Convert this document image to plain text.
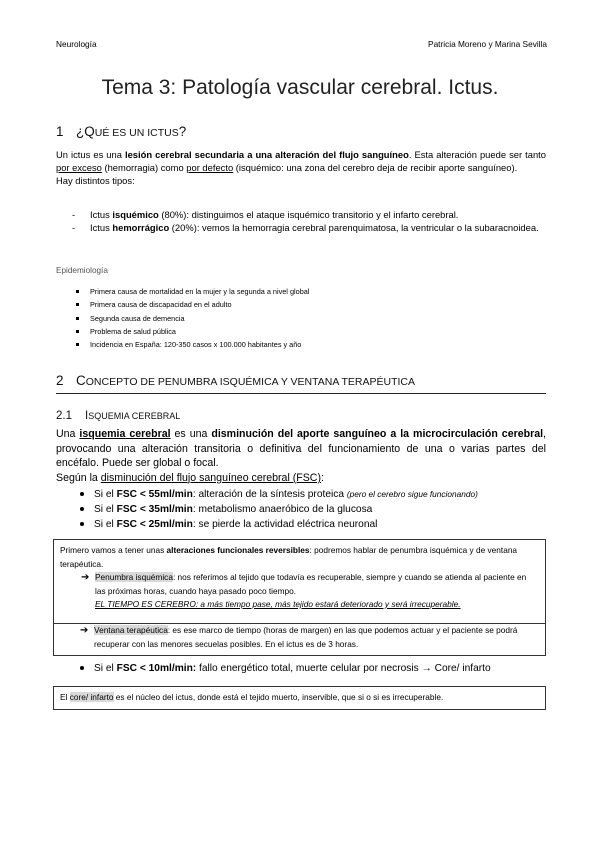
Neurología	Patricia Moreno y Marina Sevilla
Tema 3: Patología vascular cerebral. Ictus.
1 ¿QUÉ ES UN ICTUS?
Un ictus es una lesión cerebral secundaria a una alteración del flujo sanguíneo. Esta alteración puede ser tanto por exceso (hemorragia) como por defecto (isquémico: una zona del cerebro deja de recibir aporte sanguíneo).
Hay distintos tipos:
- Ictus isquémico (80%): distinguimos el ataque isquémico transitorio y el infarto cerebral.
- Ictus hemorrágico (20%): vemos la hemorragia cerebral parenquimatosa, la ventricular o la subaracnoidea.
Epidemiología
Primera causa de mortalidad en la mujer y la segunda a nivel global
Primera causa de discapacidad en el adulto
Segunda causa de demencia
Problema de salud pública
Incidencia en España: 120-350 casos x 100.000 habitantes y año
2 CONCEPTO DE PENUMBRA ISQUÉMICA Y VENTANA TERAPÉUTICA
2.1 ISQUEMIA CEREBRAL
Una isquemia cerebral es una disminución del aporte sanguíneo a la microcirculación cerebral, provocando una alteración transitoria o definitiva del funcionamiento de una o varias partes del encéfalo. Puede ser global o focal.
Según la disminución del flujo sanguíneo cerebral (FSC):
Si el FSC < 55ml/min: alteración de la síntesis proteica (pero el cerebro sigue funcionando)
Si el FSC < 35ml/min: metabolismo anaeróbico de la glucosa
Si el FSC < 25ml/min: se pierde la actividad eléctrica neuronal
Primero vamos a tener unas alteraciones funcionales reversibles: podremos hablar de penumbra isquémica y de ventana terapéutica.
➔ Penumbra isquémica: nos referimos al tejido que todavía es recuperable, siempre y cuando se atienda al paciente en las próximas horas, cuando haya pasado poco tiempo.
EL TIEMPO ES CEREBRO: a más tiempo pase, más tejido estará deteriorado y será irrecuperable.
➔ Ventana terapéutica: es ese marco de tiempo (horas de margen) en las que podemos actuar y el paciente se podrá recuperar con las menores secuelas posibles. En el ictus es de 3 horas.
Si el FSC < 10ml/min: fallo energético total, muerte celular por necrosis → Core/ infarto
El core/ infarto es el núcleo del ictus, donde está el tejido muerto, inservible, que si o si es irrecuperable.
